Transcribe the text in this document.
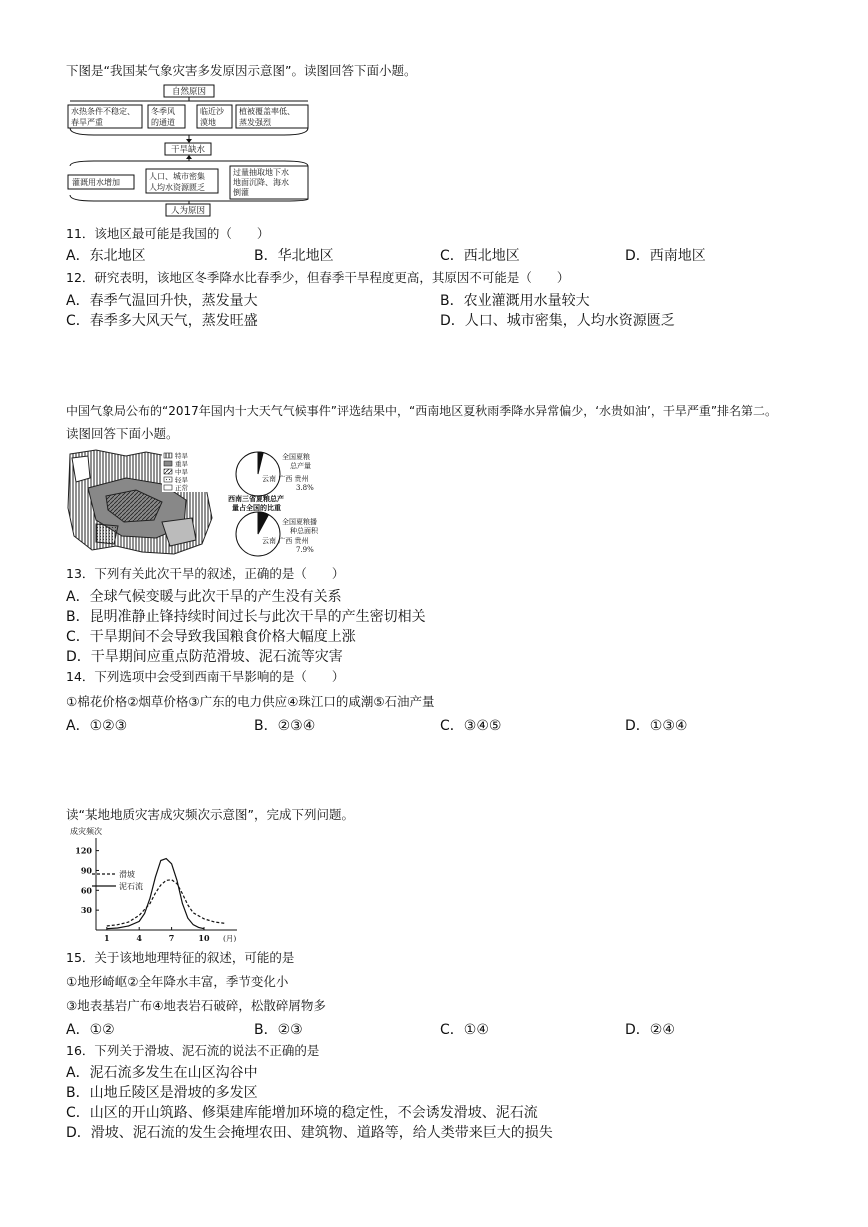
下图是“我国某气象灾害多发原因示意图”。读图回答下面小题。
自然原因
水热条件不稳定、
春旱严重
冬季风
的通道
临近沙
漠地
植被覆盖率低、
蒸发强烈
干旱缺水
灌溉用水增加
人口、城市密集
人均水资源匮乏
过量抽取地下水
地面沉降、海水
倒灌
人为原因
11．该地区最可能是我国的（　　）
A．东北地区	B．华北地区	C．西北地区	D．西南地区
12．研究表明，该地区冬季降水比春季少，但春季干旱程度更高，其原因不可能是（　　）
A．春季气温回升快，蒸发量大	B．农业灌溉用水量较大
C．春季多大风天气，蒸发旺盛	D．人口、城市密集，人均水资源匮乏
中国气象局公布的“2017年国内十大天气气候事件”评选结果中，“西南地区夏秋雨季降水异常偏少，‘水贵如油’，干旱严重”排名第二。
读图回答下面小题。
特旱
重旱
中旱
轻旱
正常
全国夏粮
总产量
云南 广西 贵州
3.8%
西南三省夏粮总产
量占全国的比重
全国夏粮播
种总面积
云南 广西 贵州
7.9%
13．下列有关此次干旱的叙述，正确的是（　　）
A．全球气候变暖与此次干旱的产生没有关系
B．昆明准静止锋持续时间过长与此次干旱的产生密切相关
C．干旱期间不会导致我国粮食价格大幅度上涨
D．干旱期间应重点防范滑坡、泥石流等灾害
14．下列选项中会受到西南干旱影响的是（　　）
①棉花价格②烟草价格③广东的电力供应④珠江口的咸潮⑤石油产量
A．①②③	B．②③④	C．③④⑤	D．①③④
读“某地地质灾害成灾频次示意图”，完成下列问题。
成灾频次
30
60
90
120
1	4	7	10 (月)
滑坡
泥石流
15．关于该地地理特征的叙述，可能的是
①地形崎岖②全年降水丰富，季节变化小
③地表基岩广布④地表岩石破碎，松散碎屑物多
A．①②	B．②③	C．①④	D．②④
16．下列关于滑坡、泥石流的说法不正确的是
A．泥石流多发生在山区沟谷中
B．山地丘陵区是滑坡的多发区
C．山区的开山筑路、修渠建库能增加环境的稳定性，不会诱发滑坡、泥石流
D．滑坡、泥石流的发生会掩埋农田、建筑物、道路等，给人类带来巨大的损失
